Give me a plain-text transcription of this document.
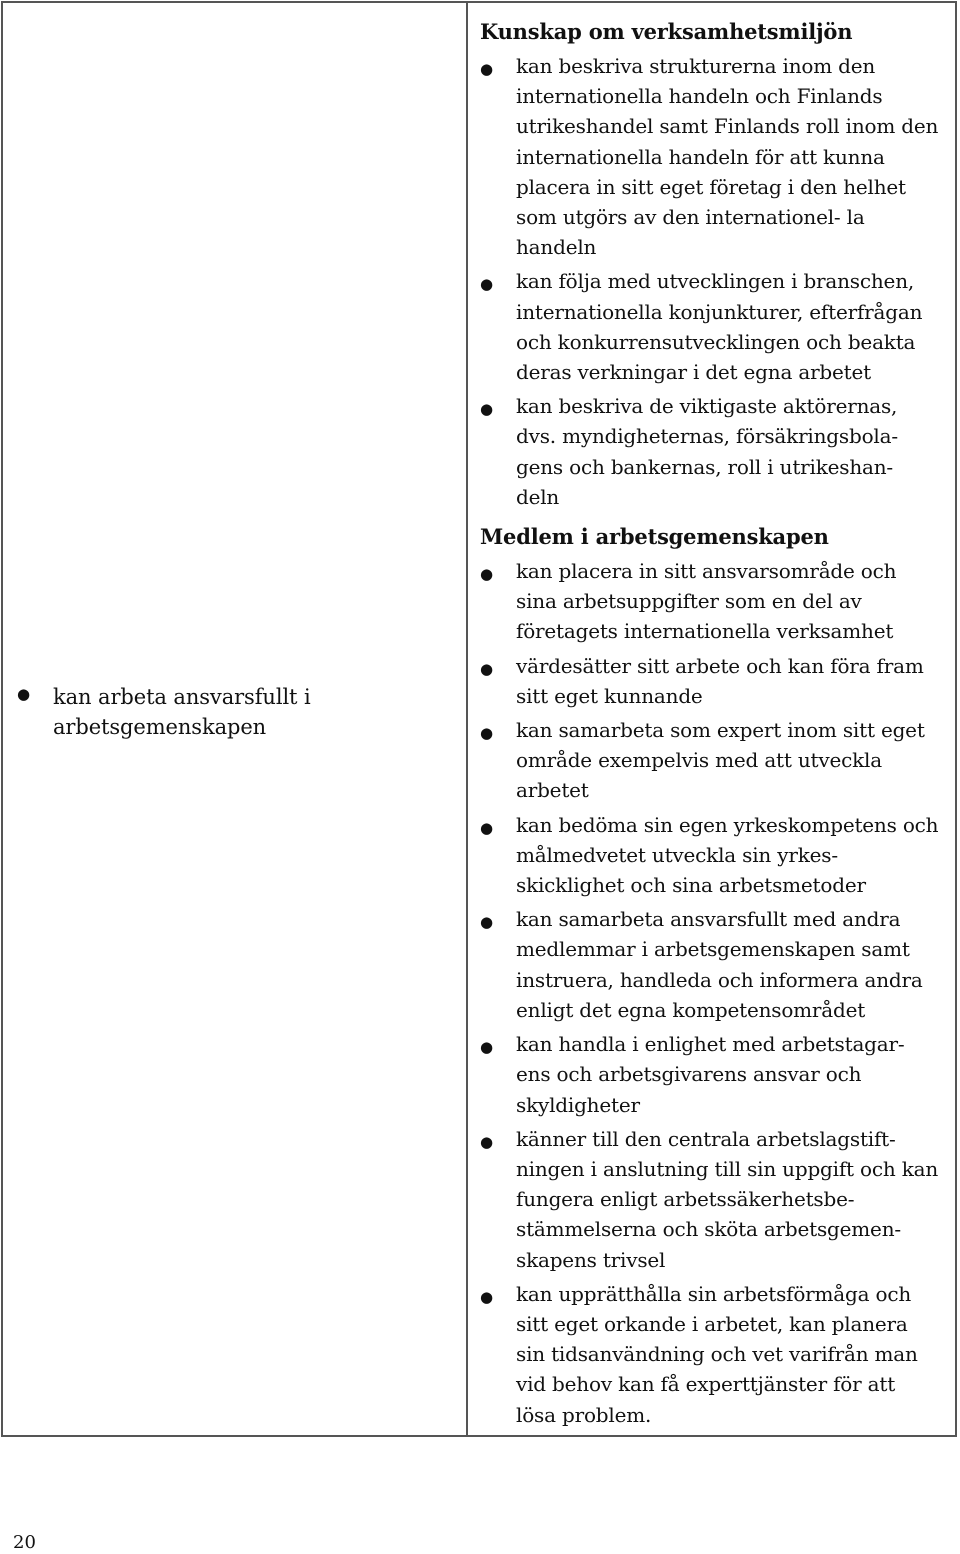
●	kan arbeta ansvarsfullt i arbetsgemenskapen
Kunskap om verksamhetsmiljön
●	kan beskriva strukturerna inom den internationella handeln och Finlands utrikeshandel samt Finlands roll inom den internationella handeln för att kunna placera in sitt eget företag i den helhet som utgörs av den internationel- la handeln
●	kan följa med utvecklingen i branschen, internationella konjunkturer, efterfrågan och konkurrensutvecklingen och beakta deras verkningar i det egna arbetet
●	kan beskriva de viktigaste aktörernas, dvs. myndigheternas, försäkringsbola- gens och bankernas, roll i utrikeshan- deln
Medlem i arbetsgemenskapen
●	kan placera in sitt ansvarsområde och sina arbetsuppgifter som en del av företagets internationella verksamhet
●	värdesätter sitt arbete och kan föra fram sitt eget kunnande
●	kan samarbeta som expert inom sitt eget område exempelvis med att utveckla arbetet
●	kan bedöma sin egen yrkeskompetens och målmedvetet utveckla sin yrkes- skicklighet och sina arbetsmetoder
●	kan samarbeta ansvarsfullt med andra medlemmar i arbetsgemenskapen samt instruera, handleda och informera andra enligt det egna kompetensområdet
●	kan handla i enlighet med arbetstagar- ens och arbetsgivarens ansvar och skyldigheter
●	känner till den centrala arbetslagstift- ningen i anslutning till sin uppgift och kan fungera enligt arbetssäkerhetsbe- stämmelserna och sköta arbetsgemen- skapens trivsel
●	kan upprätthålla sin arbetsförmåga och sitt eget orkande i arbetet, kan planera sin tidsanvändning och vet varifrån man vid behov kan få experttjänster för att lösa problem.
20
